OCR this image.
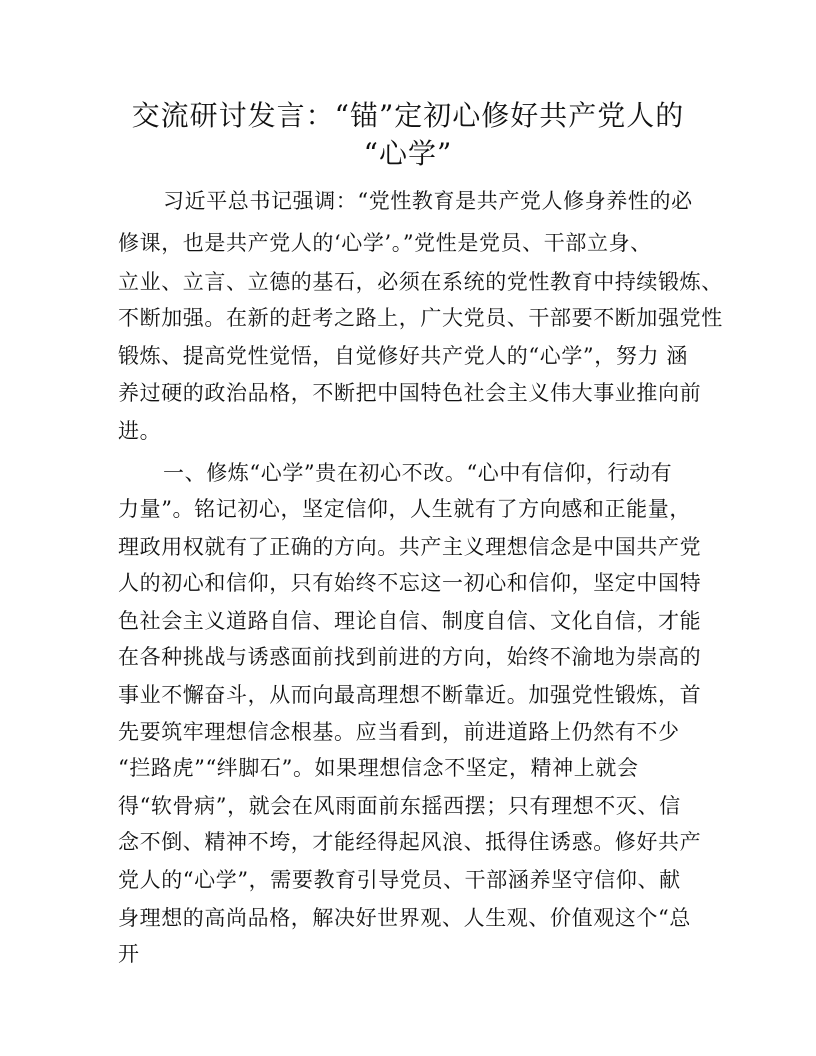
交流研讨发言：“锚”定初心修好共产党人的
“心学”
习近平总书记强调：“党性教育是共产党人修身养性的必
修课，也是共产党人的‘心学’。”党性是党员、干部立身、
立业、立言、立德的基石，必须在系统的党性教育中持续锻炼、
不断加强。在新的赶考之路上，广大党员、干部要不断加强党性
锻炼、提高党性觉悟，自觉修好共产党人的“心学”，努力 涵
养过硬的政治品格，不断把中国特色社会主义伟大事业推向前
进。
一、修炼“心学”贵在初心不改。“心中有信仰，行动有
力量”。铭记初心，坚定信仰，人生就有了方向感和正能量，
理政用权就有了正确的方向。共产主义理想信念是中国共产党
人的初心和信仰，只有始终不忘这一初心和信仰，坚定中国特
色社会主义道路自信、理论自信、制度自信、文化自信，才能
在各种挑战与诱惑面前找到前进的方向，始终不渝地为崇高的
事业不懈奋斗，从而向最高理想不断靠近。加强党性锻炼，首
先要筑牢理想信念根基。应当看到，前进道路上仍然有不少
“拦路虎”“绊脚石”。如果理想信念不坚定，精神上就会
得“软骨病”，就会在风雨面前东摇西摆；只有理想不灭、信
念不倒、精神不垮，才能经得起风浪、抵得住诱惑。修好共产
党人的“心学”，需要教育引导党员、干部涵养坚守信仰、献
身理想的高尚品格，解决好世界观、人生观、价值观这个“总
开
